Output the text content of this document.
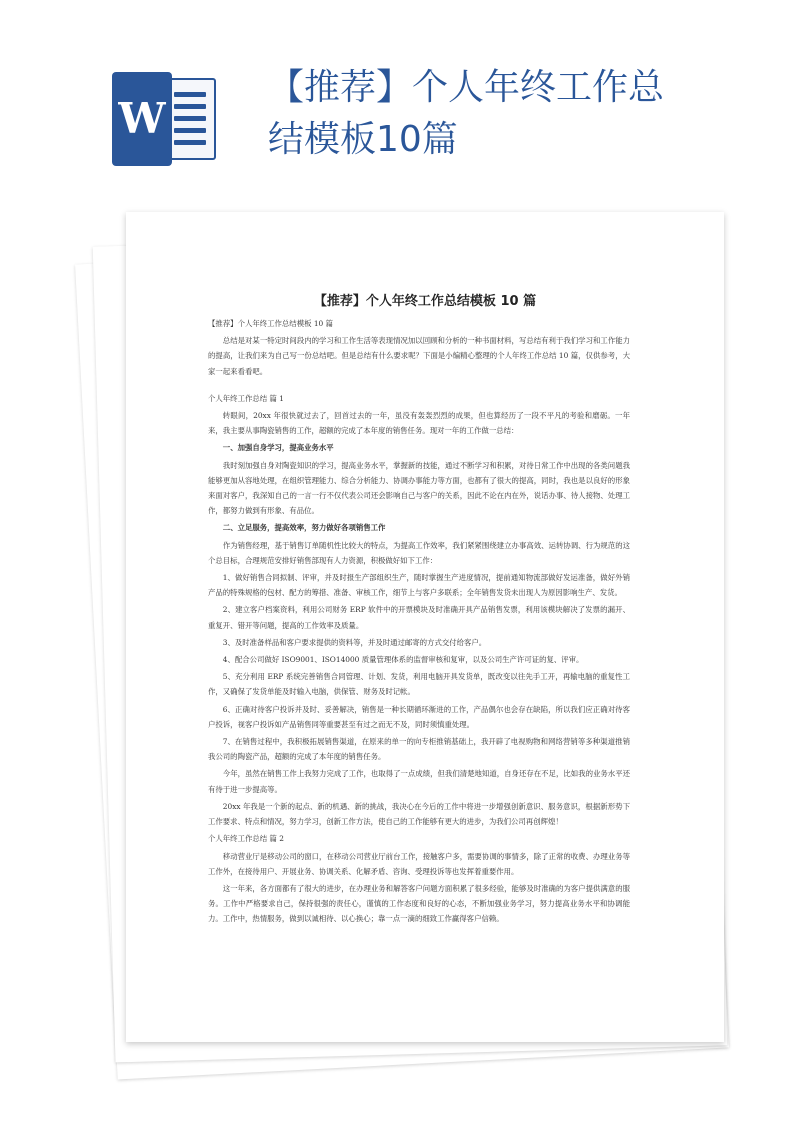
W
【推荐】个人年终工作总结模板10篇
【推荐】个人年终工作总结模板 10 篇

【推荐】个人年终工作总结模板 10 篇

总结是对某一特定时间段内的学习和工作生活等表现情况加以回顾和分析的一种书面材料，写总结有利于我们学习和工作能力的提高，让我们来为自己写一份总结吧。但是总结有什么要求呢？下面是小编精心整理的个人年终工作总结 10 篇，仅供参考，大家一起来看看吧。

个人年终工作总结 篇 1

转眼间，20xx 年很快就过去了，回首过去的一年，虽没有轰轰烈烈的成果，但也算经历了一段不平凡的考验和磨砺。一年来，我主要从事陶瓷销售的工作，超额的完成了本年度的销售任务。现对一年的工作做一总结：

一、加强自身学习，提高业务水平

我时刻加强自身对陶瓷知识的学习，提高业务水平，掌握新的技能，通过不断学习和积累，对待日常工作中出现的各类问题我能够更加从容地处理，在组织管理能力、综合分析能力、协调办事能力等方面，也都有了很大的提高，同时，我也是以良好的形象来面对客户，我深知自己的一言一行不仅代表公司还会影响自己与客户的关系，因此不论在内在外，说话办事、待人接物、处理工作，都努力做到有形象、有品位。

二、立足服务，提高效率，努力做好各项销售工作

作为销售经理，基于销售订单随机性比较大的特点，为提高工作效率，我们紧紧围绕建立办事高效、运转协调、行为规范的这个总目标，合理规范安排好销售部现有人力资源，积极做好如下工作：

1、做好销售合同拟制、评审，并及时报生产部组织生产，随时掌握生产进度情况，提前通知物流部做好发运准备，做好外销产品的特殊规格的包材、配方的筹措、准备、审核工作，细节上与客户多联系；全年销售发货未出现人为原因影响生产、发货。

2、建立客户档案资料，利用公司财务 ERP 软件中的开票模块及时准确开具产品销售发票，利用该模块解决了发票的漏开、重复开、错开等问题，提高的工作效率及质量。

3、及时准备样品和客户要求提供的资料等，并及时通过邮寄的方式交付给客户。

4、配合公司做好 ISO9001、ISO14000 质量管理体系的监督审核和复审，以及公司生产许可证的复、评审。

5、充分利用 ERP 系统完善销售合同管理、计划、发货，利用电脑开具发货单，既改变以往先手工开，再输电脑的重复性工作，又确保了发货单能及时输入电脑，供保管、财务及时记帐。

6、正确对待客户投诉并及时、妥善解决，销售是一种长期循环渐进的工作，产品偶尔也会存在缺陷，所以我们应正确对待客户投诉，视客户投诉如产品销售同等重要甚至有过之而无不及，同时须慎重处理。

7、在销售过程中，我积极拓展销售渠道，在原来的单一的向专柜推销基础上，我开辟了电视购物和网络营销等多种渠道推销我公司的陶瓷产品，超额的完成了本年度的销售任务。

今年，虽然在销售工作上我努力完成了工作，也取得了一点成绩，但我们清楚地知道，自身还存在不足，比如我的业务水平还有待于进一步提高等。

20xx 年我是一个新的起点、新的机遇、新的挑战，我决心在今后的工作中将进一步增强创新意识、服务意识，根据新形势下工作要求、特点和情况，努力学习，创新工作方法，使自己的工作能够有更大的进步，为我们公司再创辉煌！

个人年终工作总结 篇 2

移动营业厅是移动公司的窗口，在移动公司营业厅前台工作，接触客户多，需要协调的事情多，除了正常的收费、办理业务等工作外，在接待用户、开展业务、协调关系、化解矛盾、咨询、受理投诉等也发挥着重要作用。

这一年来，各方面都有了很大的进步，在办理业务和解答客户问题方面积累了很多经验，能够及时准确的为客户提供满意的服务。工作中严格要求自己，保持很强的责任心，谨慎的工作态度和良好的心态，不断加强业务学习，努力提高业务水平和协调能力。工作中，热情服务，做到以诚相待、以心换心；靠一点一滴的细致工作赢得客户信赖。
